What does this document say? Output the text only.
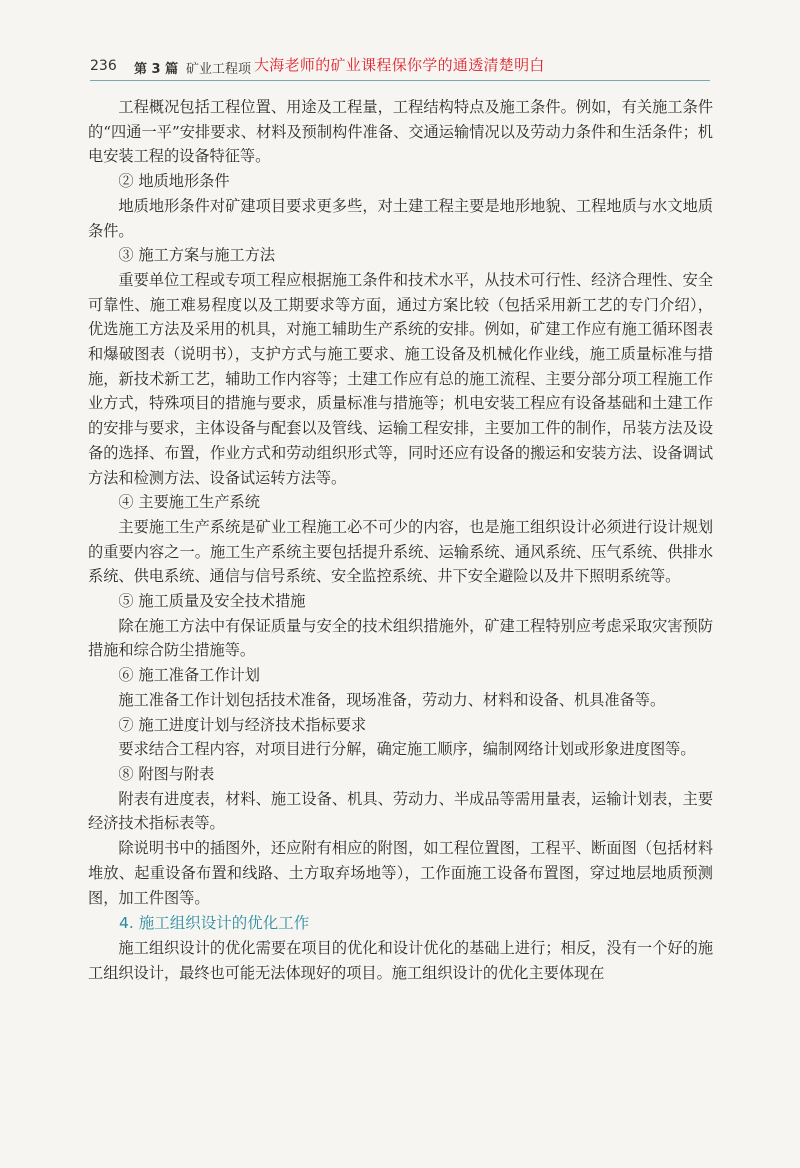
236 第 3 篇 矿业工程项 大海老师的矿业课程保你学的通透清楚明白

工程概况包括工程位置、用途及工程量，工程结构特点及施工条件。例如，有关施工条件的“四通一平”安排要求、材料及预制构件准备、交通运输情况以及劳动力条件和生活条件；机电安装工程的设备特征等。

② 地质地形条件

地质地形条件对矿建项目要求更多些，对土建工程主要是地形地貌、工程地质与水文地质条件。

③ 施工方案与施工方法

重要单位工程或专项工程应根据施工条件和技术水平，从技术可行性、经济合理性、安全可靠性、施工难易程度以及工期要求等方面，通过方案比较（包括采用新工艺的专门介绍），优选施工方法及采用的机具，对施工辅助生产系统的安排。例如，矿建工作应有施工循环图表和爆破图表（说明书），支护方式与施工要求、施工设备及机械化作业线，施工质量标准与措施，新技术新工艺，辅助工作内容等；土建工作应有总的施工流程、主要分部分项工程施工作业方式，特殊项目的措施与要求，质量标准与措施等；机电安装工程应有设备基础和土建工作的安排与要求，主体设备与配套以及管线、运输工程安排，主要加工件的制作，吊装方法及设备的选择、布置，作业方式和劳动组织形式等，同时还应有设备的搬运和安装方法、设备调试方法和检测方法、设备试运转方法等。

④ 主要施工生产系统

主要施工生产系统是矿业工程施工必不可少的内容，也是施工组织设计必须进行设计规划的重要内容之一。施工生产系统主要包括提升系统、运输系统、通风系统、压气系统、供排水系统、供电系统、通信与信号系统、安全监控系统、井下安全避险以及井下照明系统等。

⑤ 施工质量及安全技术措施

除在施工方法中有保证质量与安全的技术组织措施外，矿建工程特别应考虑采取灾害预防措施和综合防尘措施等。

⑥ 施工准备工作计划

施工准备工作计划包括技术准备，现场准备，劳动力、材料和设备、机具准备等。

⑦ 施工进度计划与经济技术指标要求

要求结合工程内容，对项目进行分解，确定施工顺序，编制网络计划或形象进度图等。

⑧ 附图与附表

附表有进度表，材料、施工设备、机具、劳动力、半成品等需用量表，运输计划表，主要经济技术指标表等。

除说明书中的插图外，还应附有相应的附图，如工程位置图，工程平、断面图（包括材料堆放、起重设备布置和线路、土方取弃场地等），工作面施工设备布置图，穿过地层地质预测图，加工件图等。

4. 施工组织设计的优化工作

施工组织设计的优化需要在项目的优化和设计优化的基础上进行；相反，没有一个好的施工组织设计，最终也可能无法体现好的项目。施工组织设计的优化主要体现在
